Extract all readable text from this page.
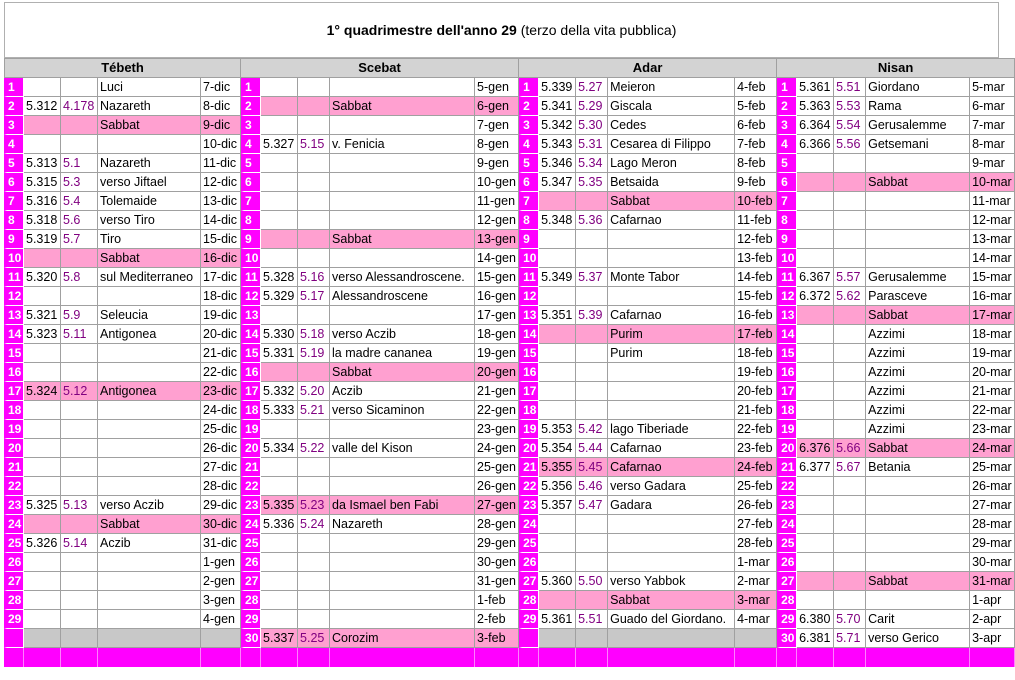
1° quadrimestre dell'anno 29 (terzo della vita pubblica)
Tébeth					Scebat					Adar					Nisan				
1			Luci	7-dic	1				5-gen	1	5.339	5.27	Meieron	4-feb	1	5.361	5.51	Giordano	5-mar
2	5.312	4.178	Nazareth	8-dic	2			Sabbat	6-gen	2	5.341	5.29	Giscala	5-feb	2	5.363	5.53	Rama	6-mar
3			Sabbat	9-dic	3				7-gen	3	5.342	5.30	Cedes	6-feb	3	6.364	5.54	Gerusalemme	7-mar
4				10-dic	4	5.327	5.15	v. Fenicia	8-gen	4	5.343	5.31	Cesarea di Filippo	7-feb	4	6.366	5.56	Getsemani	8-mar
5	5.313	5.1	Nazareth	11-dic	5				9-gen	5	5.346	5.34	Lago Meron	8-feb	5				9-mar
6	5.315	5.3	verso Jiftael	12-dic	6				10-gen	6	5.347	5.35	Betsaida	9-feb	6			Sabbat	10-mar
7	5.316	5.4	Tolemaide	13-dic	7				11-gen	7			Sabbat	10-feb	7				11-mar
8	5.318	5.6	verso Tiro	14-dic	8				12-gen	8	5.348	5.36	Cafarnao	11-feb	8				12-mar
9	5.319	5.7	Tiro	15-dic	9			Sabbat	13-gen	9				12-feb	9				13-mar
10			Sabbat	16-dic	10				14-gen	10				13-feb	10				14-mar
11	5.320	5.8	sul Mediterraneo	17-dic	11	5.328	5.16	verso Alessandroscene.	15-gen	11	5.349	5.37	Monte Tabor	14-feb	11	6.367	5.57	Gerusalemme	15-mar
12				18-dic	12	5.329	5.17	Alessandroscene	16-gen	12				15-feb	12	6.372	5.62	Parasceve	16-mar
13	5.321	5.9	Seleucia	19-dic	13				17-gen	13	5.351	5.39	Cafarnao	16-feb	13			Sabbat	17-mar
14	5.323	5.11	Antigonea	20-dic	14	5.330	5.18	verso Aczib	18-gen	14			Purim	17-feb	14			Azzimi	18-mar
15				21-dic	15	5.331	5.19	la madre cananea	19-gen	15			Purim	18-feb	15			Azzimi	19-mar
16				22-dic	16			Sabbat	20-gen	16				19-feb	16			Azzimi	20-mar
17	5.324	5.12	Antigonea	23-dic	17	5.332	5.20	Aczib	21-gen	17				20-feb	17			Azzimi	21-mar
18				24-dic	18	5.333	5.21	verso Sicaminon	22-gen	18				21-feb	18			Azzimi	22-mar
19				25-dic	19				23-gen	19	5.353	5.42	lago Tiberiade	22-feb	19			Azzimi	23-mar
20				26-dic	20	5.334	5.22	valle del Kison	24-gen	20	5.354	5.44	Cafarnao	23-feb	20	6.376	5.66	Sabbat	24-mar
21				27-dic	21				25-gen	21	5.355	5.45	Cafarnao	24-feb	21	6.377	5.67	Betania	25-mar
22				28-dic	22				26-gen	22	5.356	5.46	verso Gadara	25-feb	22				26-mar
23	5.325	5.13	verso Aczib	29-dic	23	5.335	5.23	da Ismael ben Fabi	27-gen	23	5.357	5.47	Gadara	26-feb	23				27-mar
24			Sabbat	30-dic	24	5.336	5.24	Nazareth	28-gen	24				27-feb	24				28-mar
25	5.326	5.14	Aczib	31-dic	25				29-gen	25				28-feb	25				29-mar
26				1-gen	26				30-gen	26				1-mar	26				30-mar
27				2-gen	27				31-gen	27	5.360	5.50	verso Yabbok	2-mar	27			Sabbat	31-mar
28				3-gen	28				1-feb	28			Sabbat	3-mar	28				1-apr
29				4-gen	29				2-feb	29	5.361	5.51	Guado del Giordano.	4-mar	29	6.380	5.70	Carit	2-apr
					30	5.337	5.25	Corozim	3-feb						30	6.381	5.71	verso Gerico	3-apr
